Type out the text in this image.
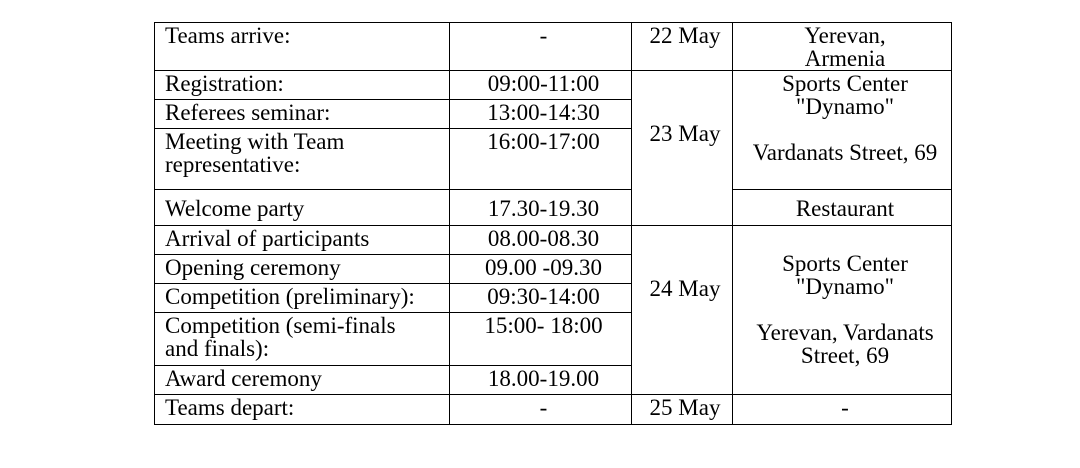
Teams arrive:	-	22 May	Yerevan,
Armenia

Registration:	09:00-11:00	23 May	Sports Center
"Dynamo"
Vardanats Street, 69

Referees seminar:	13:00-14:30		
Meeting with Team representative:	16:00-17:00		
Welcome party	17.30-19.30		Restaurant
Arrival of participants	08.00-08.30	24 May	Sports Center
"Dynamo"
Yerevan, Vardanats
Street, 69

Opening ceremony	09.00 -09.30		
Competition (preliminary):	09:30-14:00		
Competition (semi-finals and finals):	15:00- 18:00		
Award ceremony	18.00-19.00		
Teams depart:	-	25 May	-
